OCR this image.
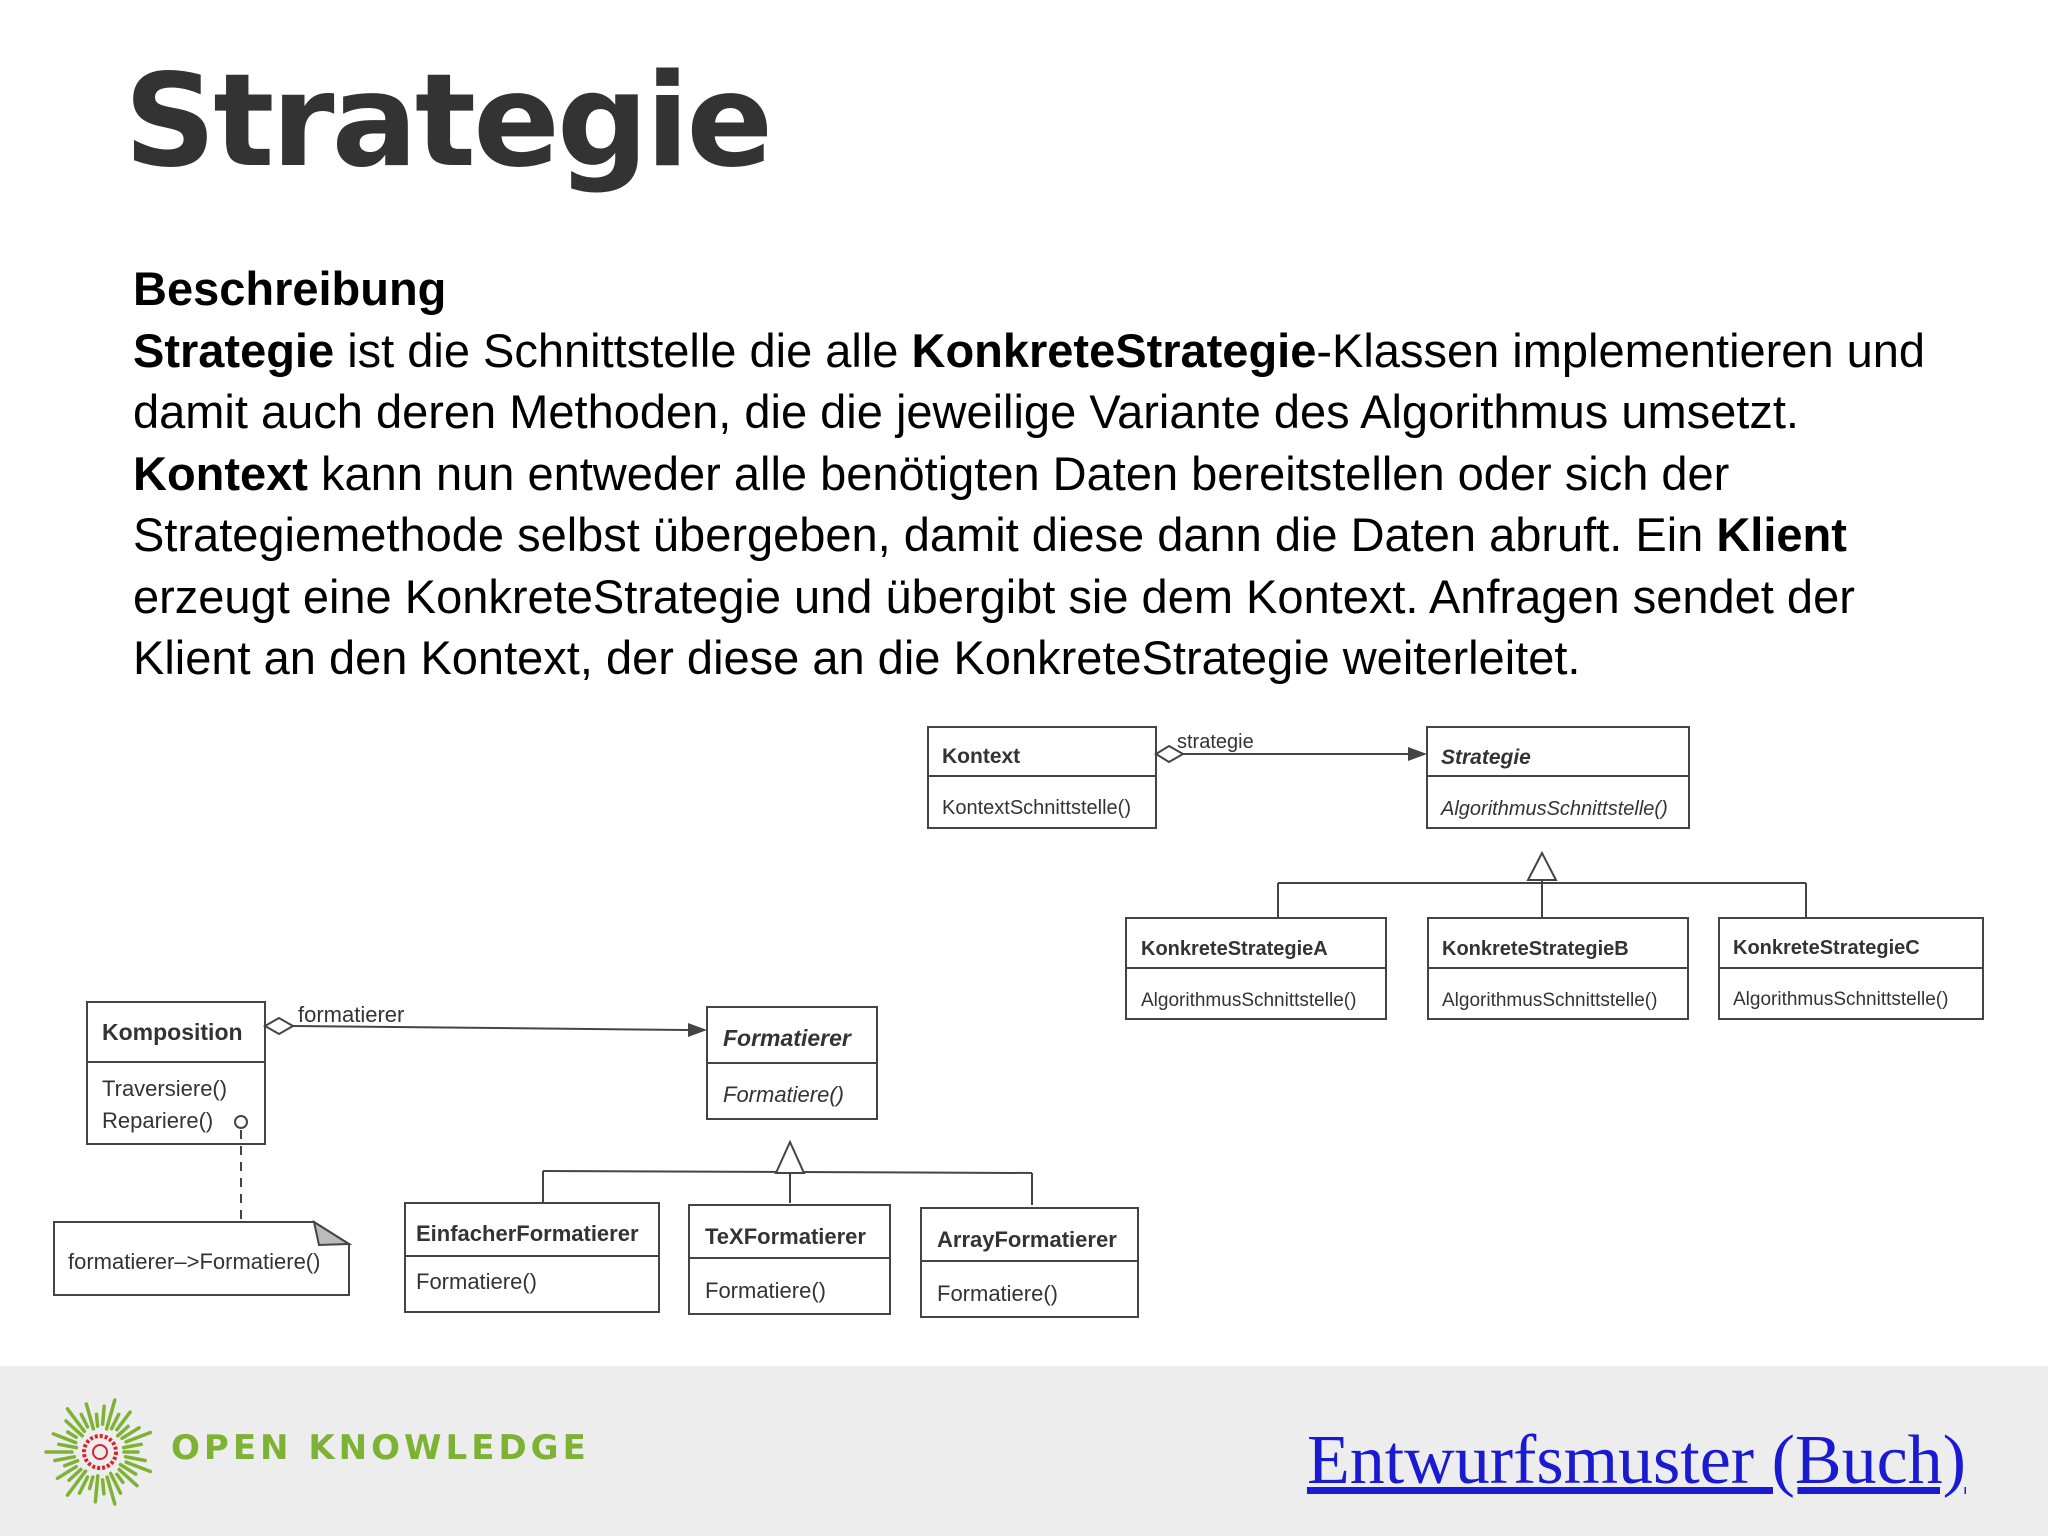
Strategie
Beschreibung
Strategie ist die Schnittstelle die alle KonkreteStrategie-Klassen implementieren und damit auch deren Methoden, die die jeweilige Variante des Algorithmus umsetzt. Kontext kann nun entweder alle benötigten Daten bereitstellen oder sich der Strategiemethode selbst übergeben, damit diese dann die Daten abruft. Ein Klient erzeugt eine KonkreteStrategie und übergibt sie dem Kontext. Anfragen sendet der Klient an den Kontext, der diese an die KonkreteStrategie weiterleitet.
Kontext
KontextSchnittstelle()
strategie
Strategie
AlgorithmusSchnittstelle()
KonkreteStrategieA
AlgorithmusSchnittstelle()
KonkreteStrategieB
AlgorithmusSchnittstelle()
KonkreteStrategieC
AlgorithmusSchnittstelle()
Komposition
Traversiere()
Repariere()
formatierer
formatierer–>Formatiere()
Formatierer
Formatiere()
EinfacherFormatierer
Formatiere()
TeXFormatierer
Formatiere()
ArrayFormatierer
Formatiere()
OPEN KNOWLEDGE	Entwurfsmuster (Buch)
